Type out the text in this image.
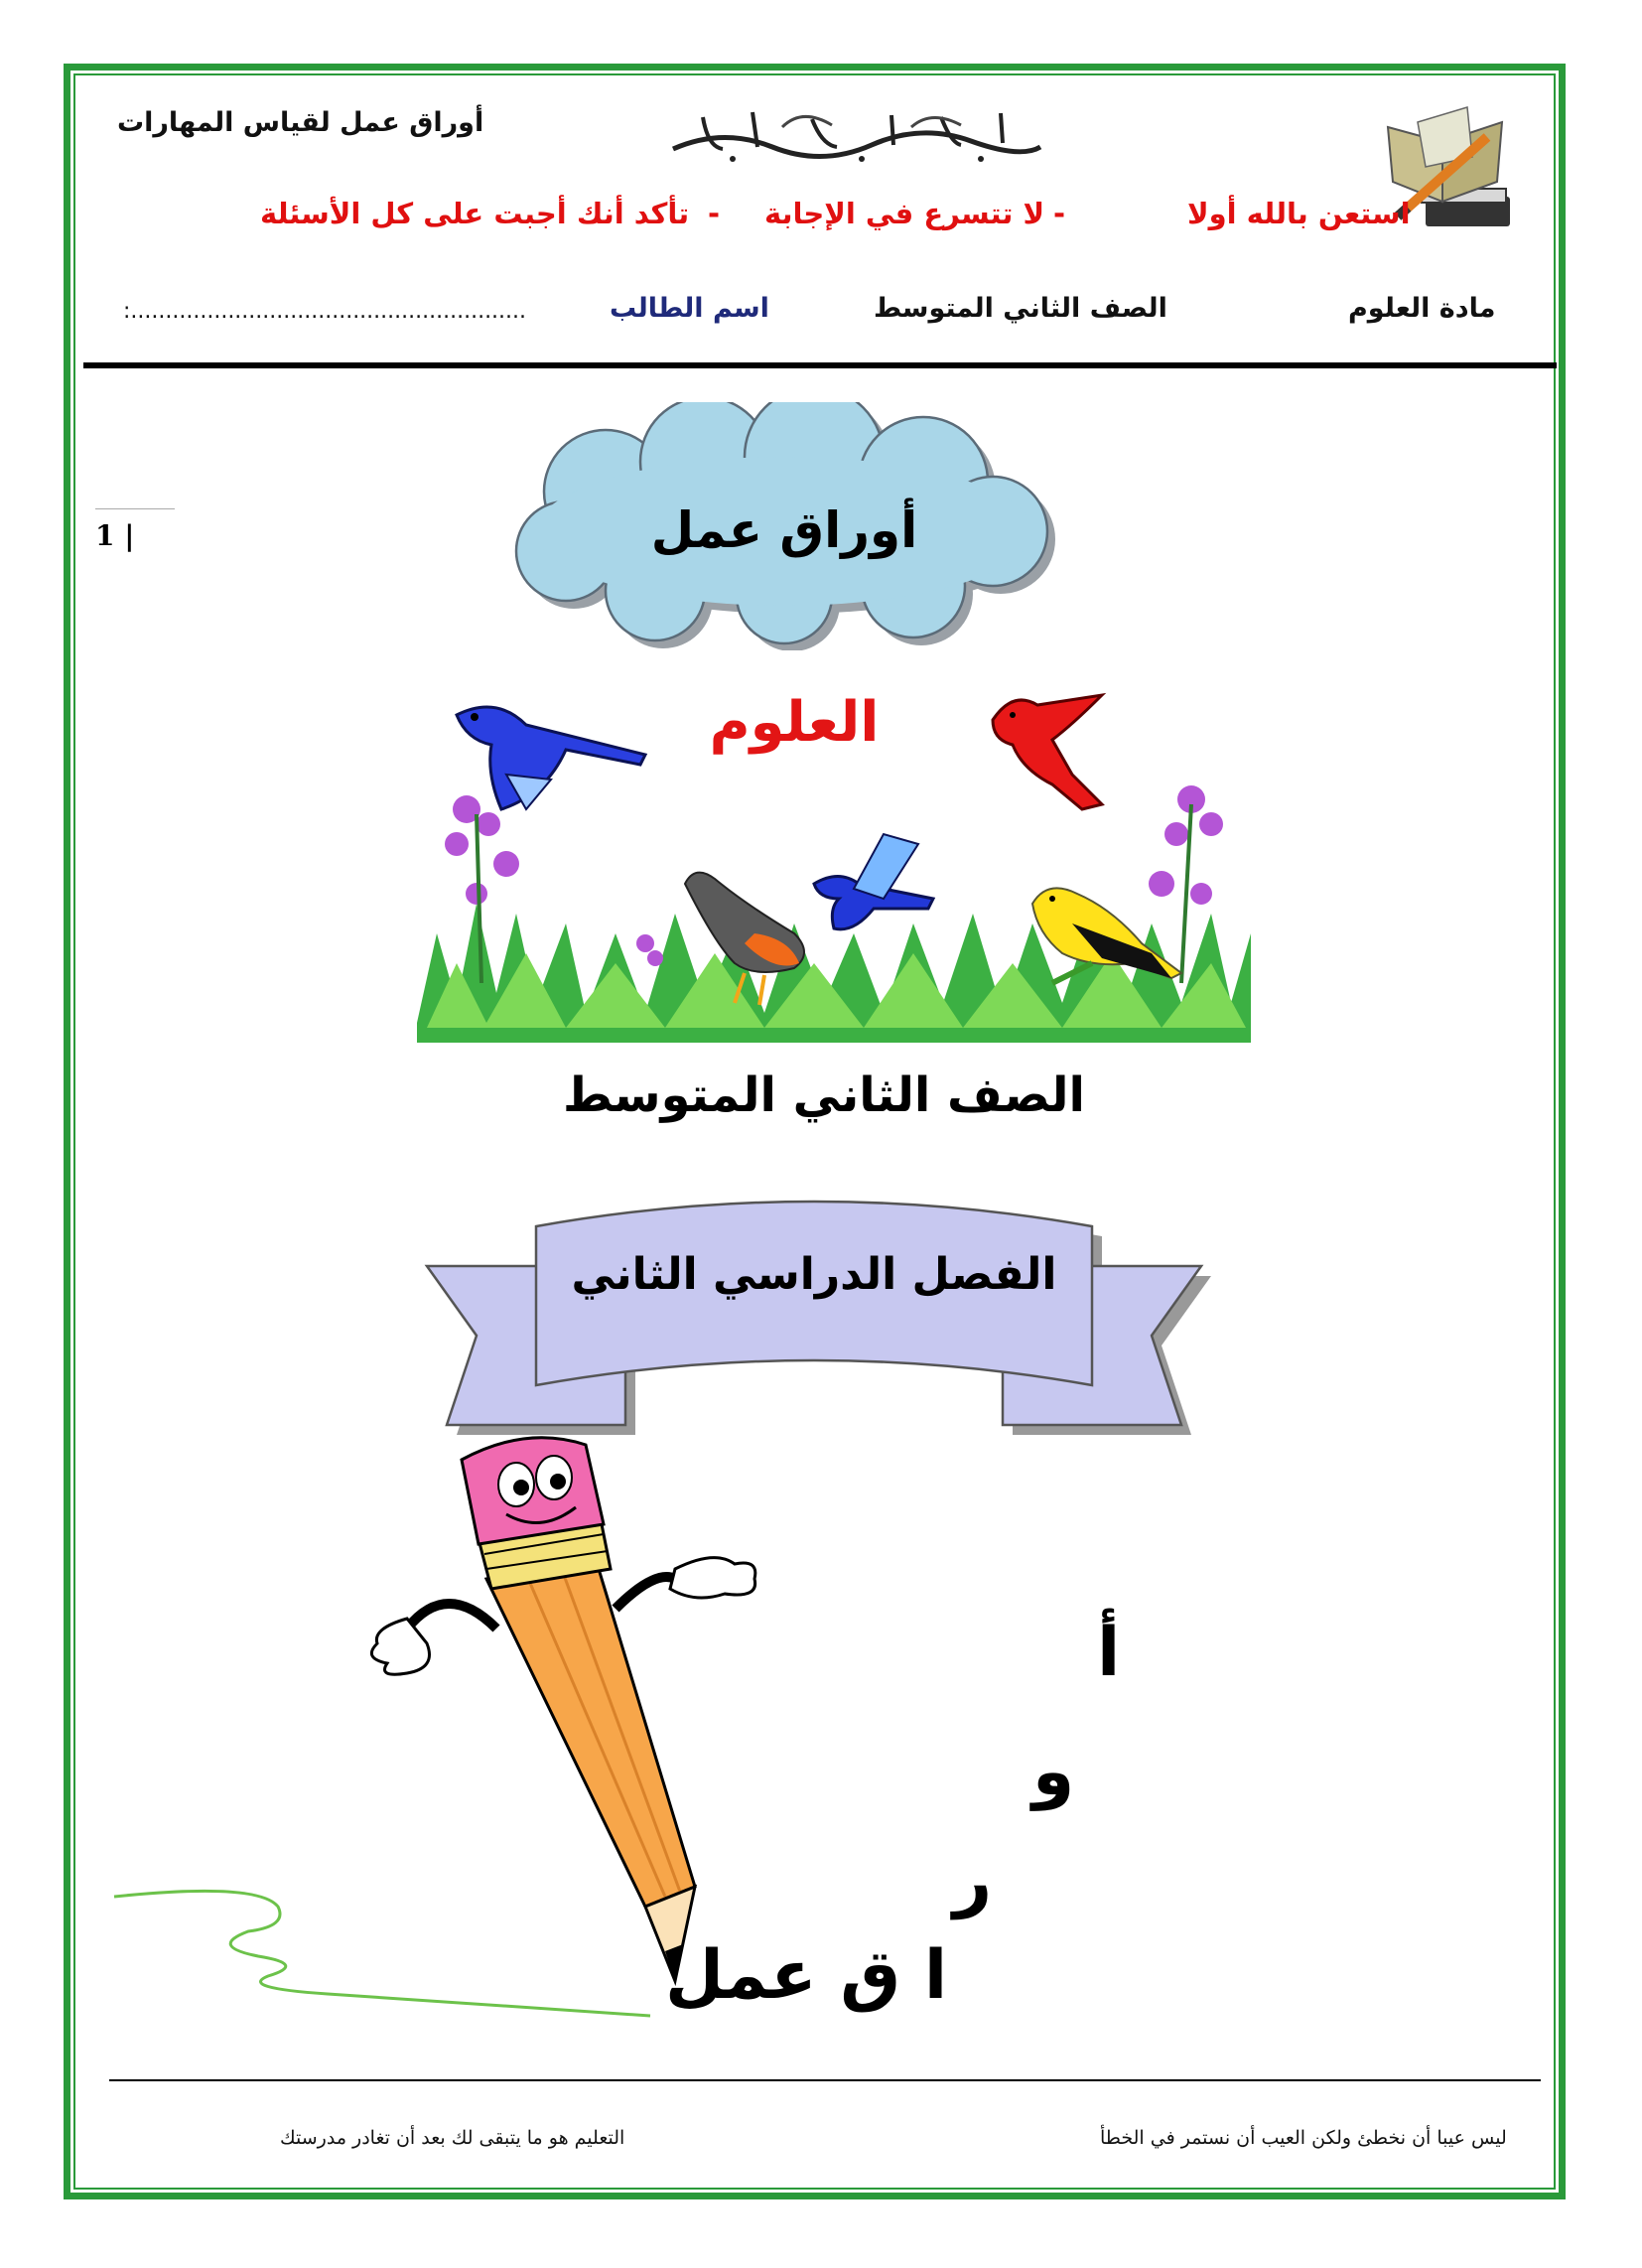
أوراق عمل لقياس المهارات
استعن بالله أولا
-
لا تتسرع في الإجابة
-
تأكد أنك أجبت على كل الأسئلة
مادة العلوم
الصف الثاني المتوسط
اسم الطالب
:.........................................................
1 |	أوراق عمل
العلوم
الصف الثاني المتوسط
الفصل الدراسي الثاني
أ
و
ر
ا ق عمل
ليس عيبا أن نخطئ ولكن العيب أن نستمر في الخطأ
التعليم هو ما يتبقى لك بعد أن تغادر مدرستك
